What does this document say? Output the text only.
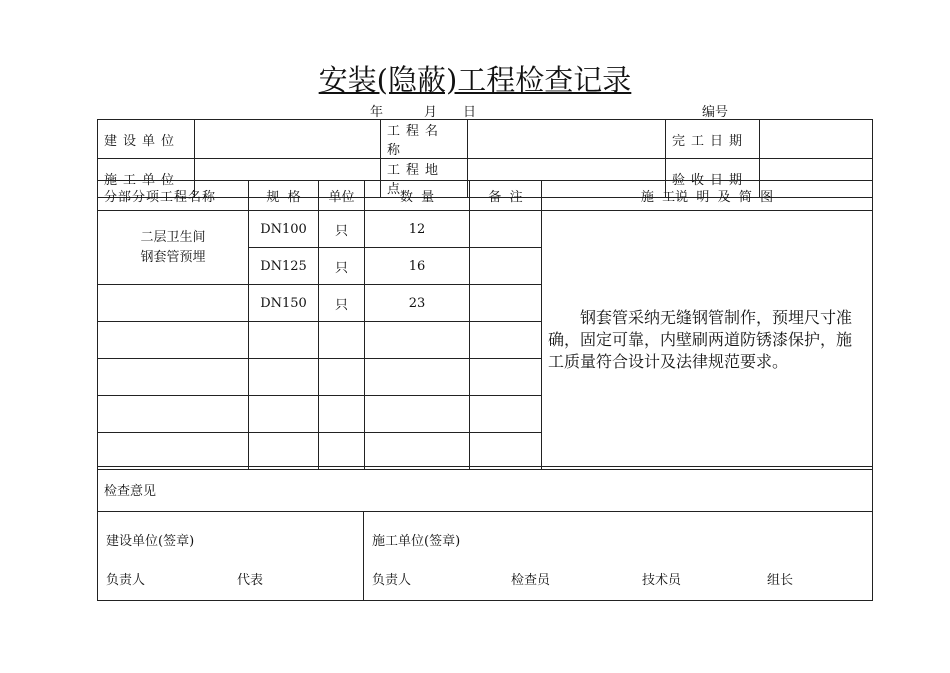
安装(隐蔽)工程检查记录
年	月 日	编号
建设单位		工程名称		完工日期	
施工单位		工程地点		验收日期	
分部分项工程名称	规  格	单位	数  量	备  注	施  工说  明  及  简  图

二层卫生间
钢套管预埋	DN100	只	12		钢套管采纳无缝钢管制作，预埋尺寸准确，固定可靠，内壁刷两道防锈漆保护，施工质量符合设计及法律规范要求。
	DN125	只	16		
	DN150	只	23		

检查意见

建设单位(签章)
负责人	代表

施工单位(签章)
负责人	检查员	技术员	组长
